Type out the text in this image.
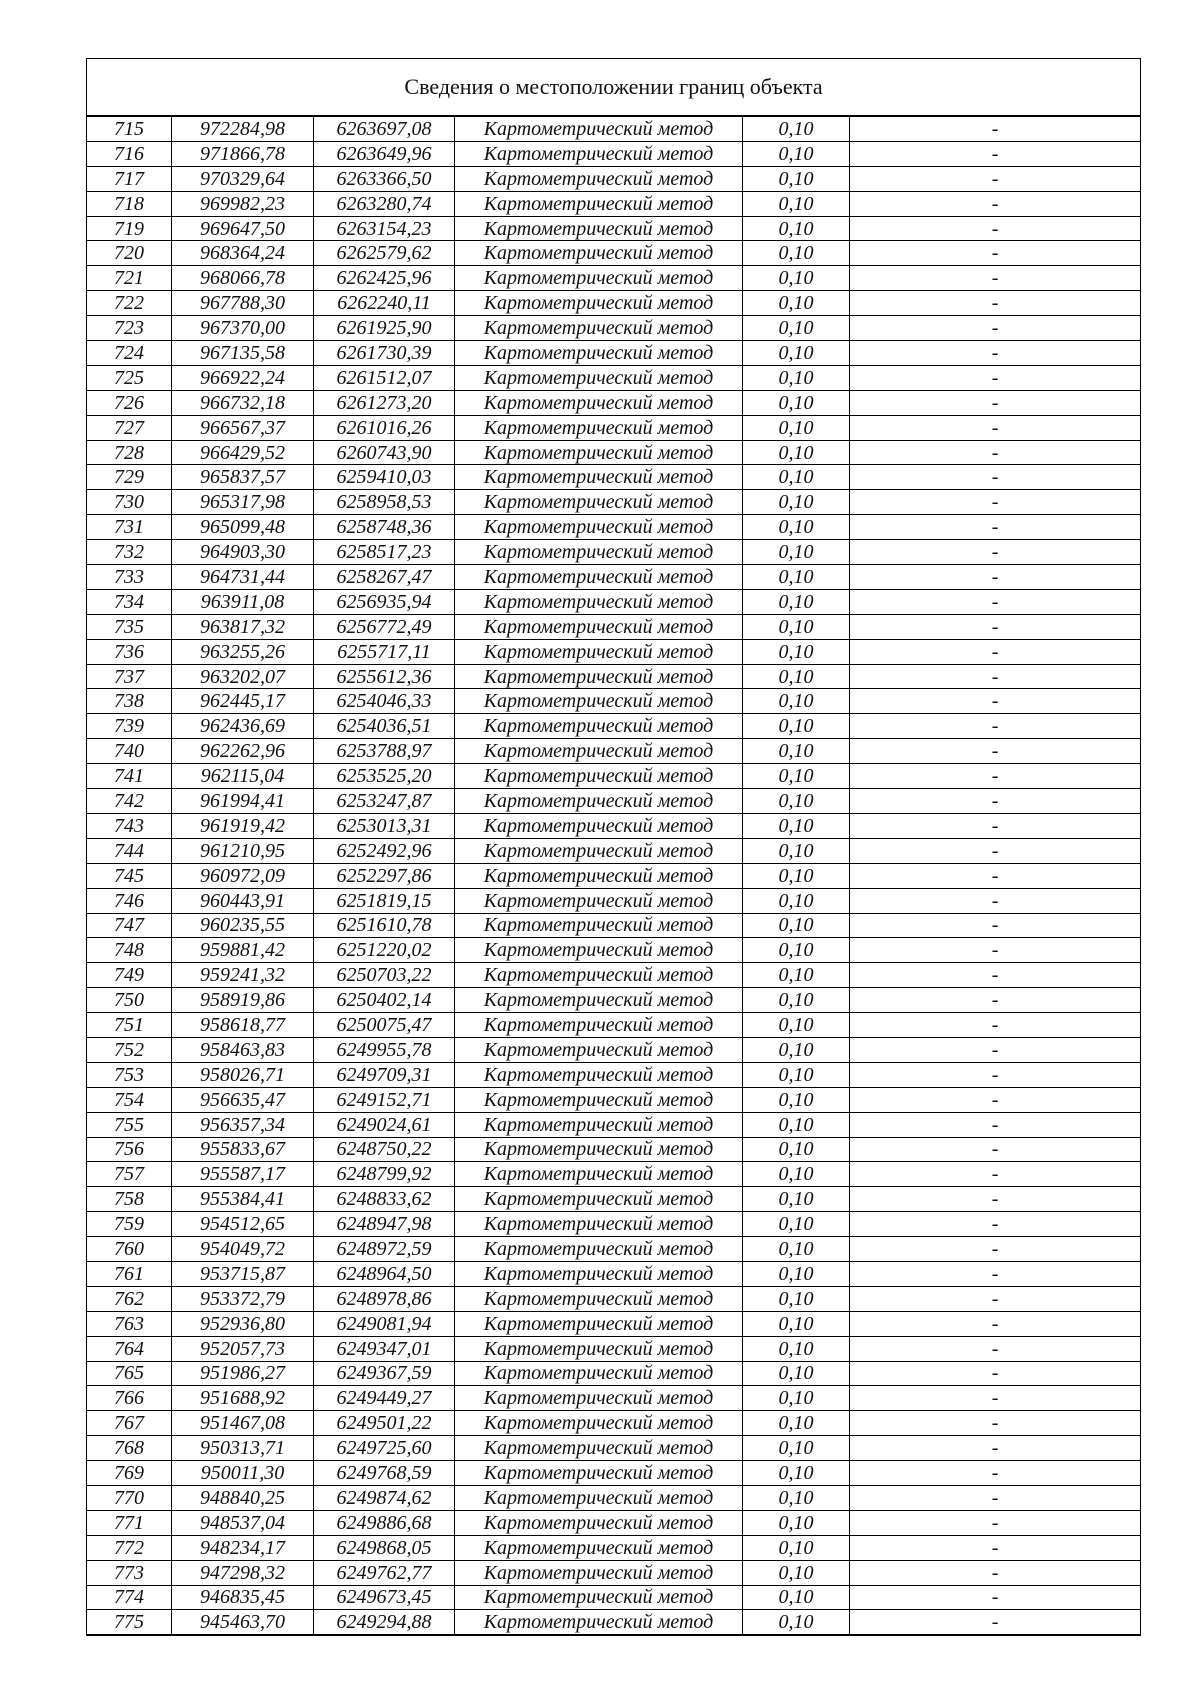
Сведения о местоположении границ объекта					
715	972284,98	6263697,08	Картометрический метод	0,10	-
716	971866,78	6263649,96	Картометрический метод	0,10	-
717	970329,64	6263366,50	Картометрический метод	0,10	-
718	969982,23	6263280,74	Картометрический метод	0,10	-
719	969647,50	6263154,23	Картометрический метод	0,10	-
720	968364,24	6262579,62	Картометрический метод	0,10	-
721	968066,78	6262425,96	Картометрический метод	0,10	-
722	967788,30	6262240,11	Картометрический метод	0,10	-
723	967370,00	6261925,90	Картометрический метод	0,10	-
724	967135,58	6261730,39	Картометрический метод	0,10	-
725	966922,24	6261512,07	Картометрический метод	0,10	-
726	966732,18	6261273,20	Картометрический метод	0,10	-
727	966567,37	6261016,26	Картометрический метод	0,10	-
728	966429,52	6260743,90	Картометрический метод	0,10	-
729	965837,57	6259410,03	Картометрический метод	0,10	-
730	965317,98	6258958,53	Картометрический метод	0,10	-
731	965099,48	6258748,36	Картометрический метод	0,10	-
732	964903,30	6258517,23	Картометрический метод	0,10	-
733	964731,44	6258267,47	Картометрический метод	0,10	-
734	963911,08	6256935,94	Картометрический метод	0,10	-
735	963817,32	6256772,49	Картометрический метод	0,10	-
736	963255,26	6255717,11	Картометрический метод	0,10	-
737	963202,07	6255612,36	Картометрический метод	0,10	-
738	962445,17	6254046,33	Картометрический метод	0,10	-
739	962436,69	6254036,51	Картометрический метод	0,10	-
740	962262,96	6253788,97	Картометрический метод	0,10	-
741	962115,04	6253525,20	Картометрический метод	0,10	-
742	961994,41	6253247,87	Картометрический метод	0,10	-
743	961919,42	6253013,31	Картометрический метод	0,10	-
744	961210,95	6252492,96	Картометрический метод	0,10	-
745	960972,09	6252297,86	Картометрический метод	0,10	-
746	960443,91	6251819,15	Картометрический метод	0,10	-
747	960235,55	6251610,78	Картометрический метод	0,10	-
748	959881,42	6251220,02	Картометрический метод	0,10	-
749	959241,32	6250703,22	Картометрический метод	0,10	-
750	958919,86	6250402,14	Картометрический метод	0,10	-
751	958618,77	6250075,47	Картометрический метод	0,10	-
752	958463,83	6249955,78	Картометрический метод	0,10	-
753	958026,71	6249709,31	Картометрический метод	0,10	-
754	956635,47	6249152,71	Картометрический метод	0,10	-
755	956357,34	6249024,61	Картометрический метод	0,10	-
756	955833,67	6248750,22	Картометрический метод	0,10	-
757	955587,17	6248799,92	Картометрический метод	0,10	-
758	955384,41	6248833,62	Картометрический метод	0,10	-
759	954512,65	6248947,98	Картометрический метод	0,10	-
760	954049,72	6248972,59	Картометрический метод	0,10	-
761	953715,87	6248964,50	Картометрический метод	0,10	-
762	953372,79	6248978,86	Картометрический метод	0,10	-
763	952936,80	6249081,94	Картометрический метод	0,10	-
764	952057,73	6249347,01	Картометрический метод	0,10	-
765	951986,27	6249367,59	Картометрический метод	0,10	-
766	951688,92	6249449,27	Картометрический метод	0,10	-
767	951467,08	6249501,22	Картометрический метод	0,10	-
768	950313,71	6249725,60	Картометрический метод	0,10	-
769	950011,30	6249768,59	Картометрический метод	0,10	-
770	948840,25	6249874,62	Картометрический метод	0,10	-
771	948537,04	6249886,68	Картометрический метод	0,10	-
772	948234,17	6249868,05	Картометрический метод	0,10	-
773	947298,32	6249762,77	Картометрический метод	0,10	-
774	946835,45	6249673,45	Картометрический метод	0,10	-
775	945463,70	6249294,88	Картометрический метод	0,10	-
